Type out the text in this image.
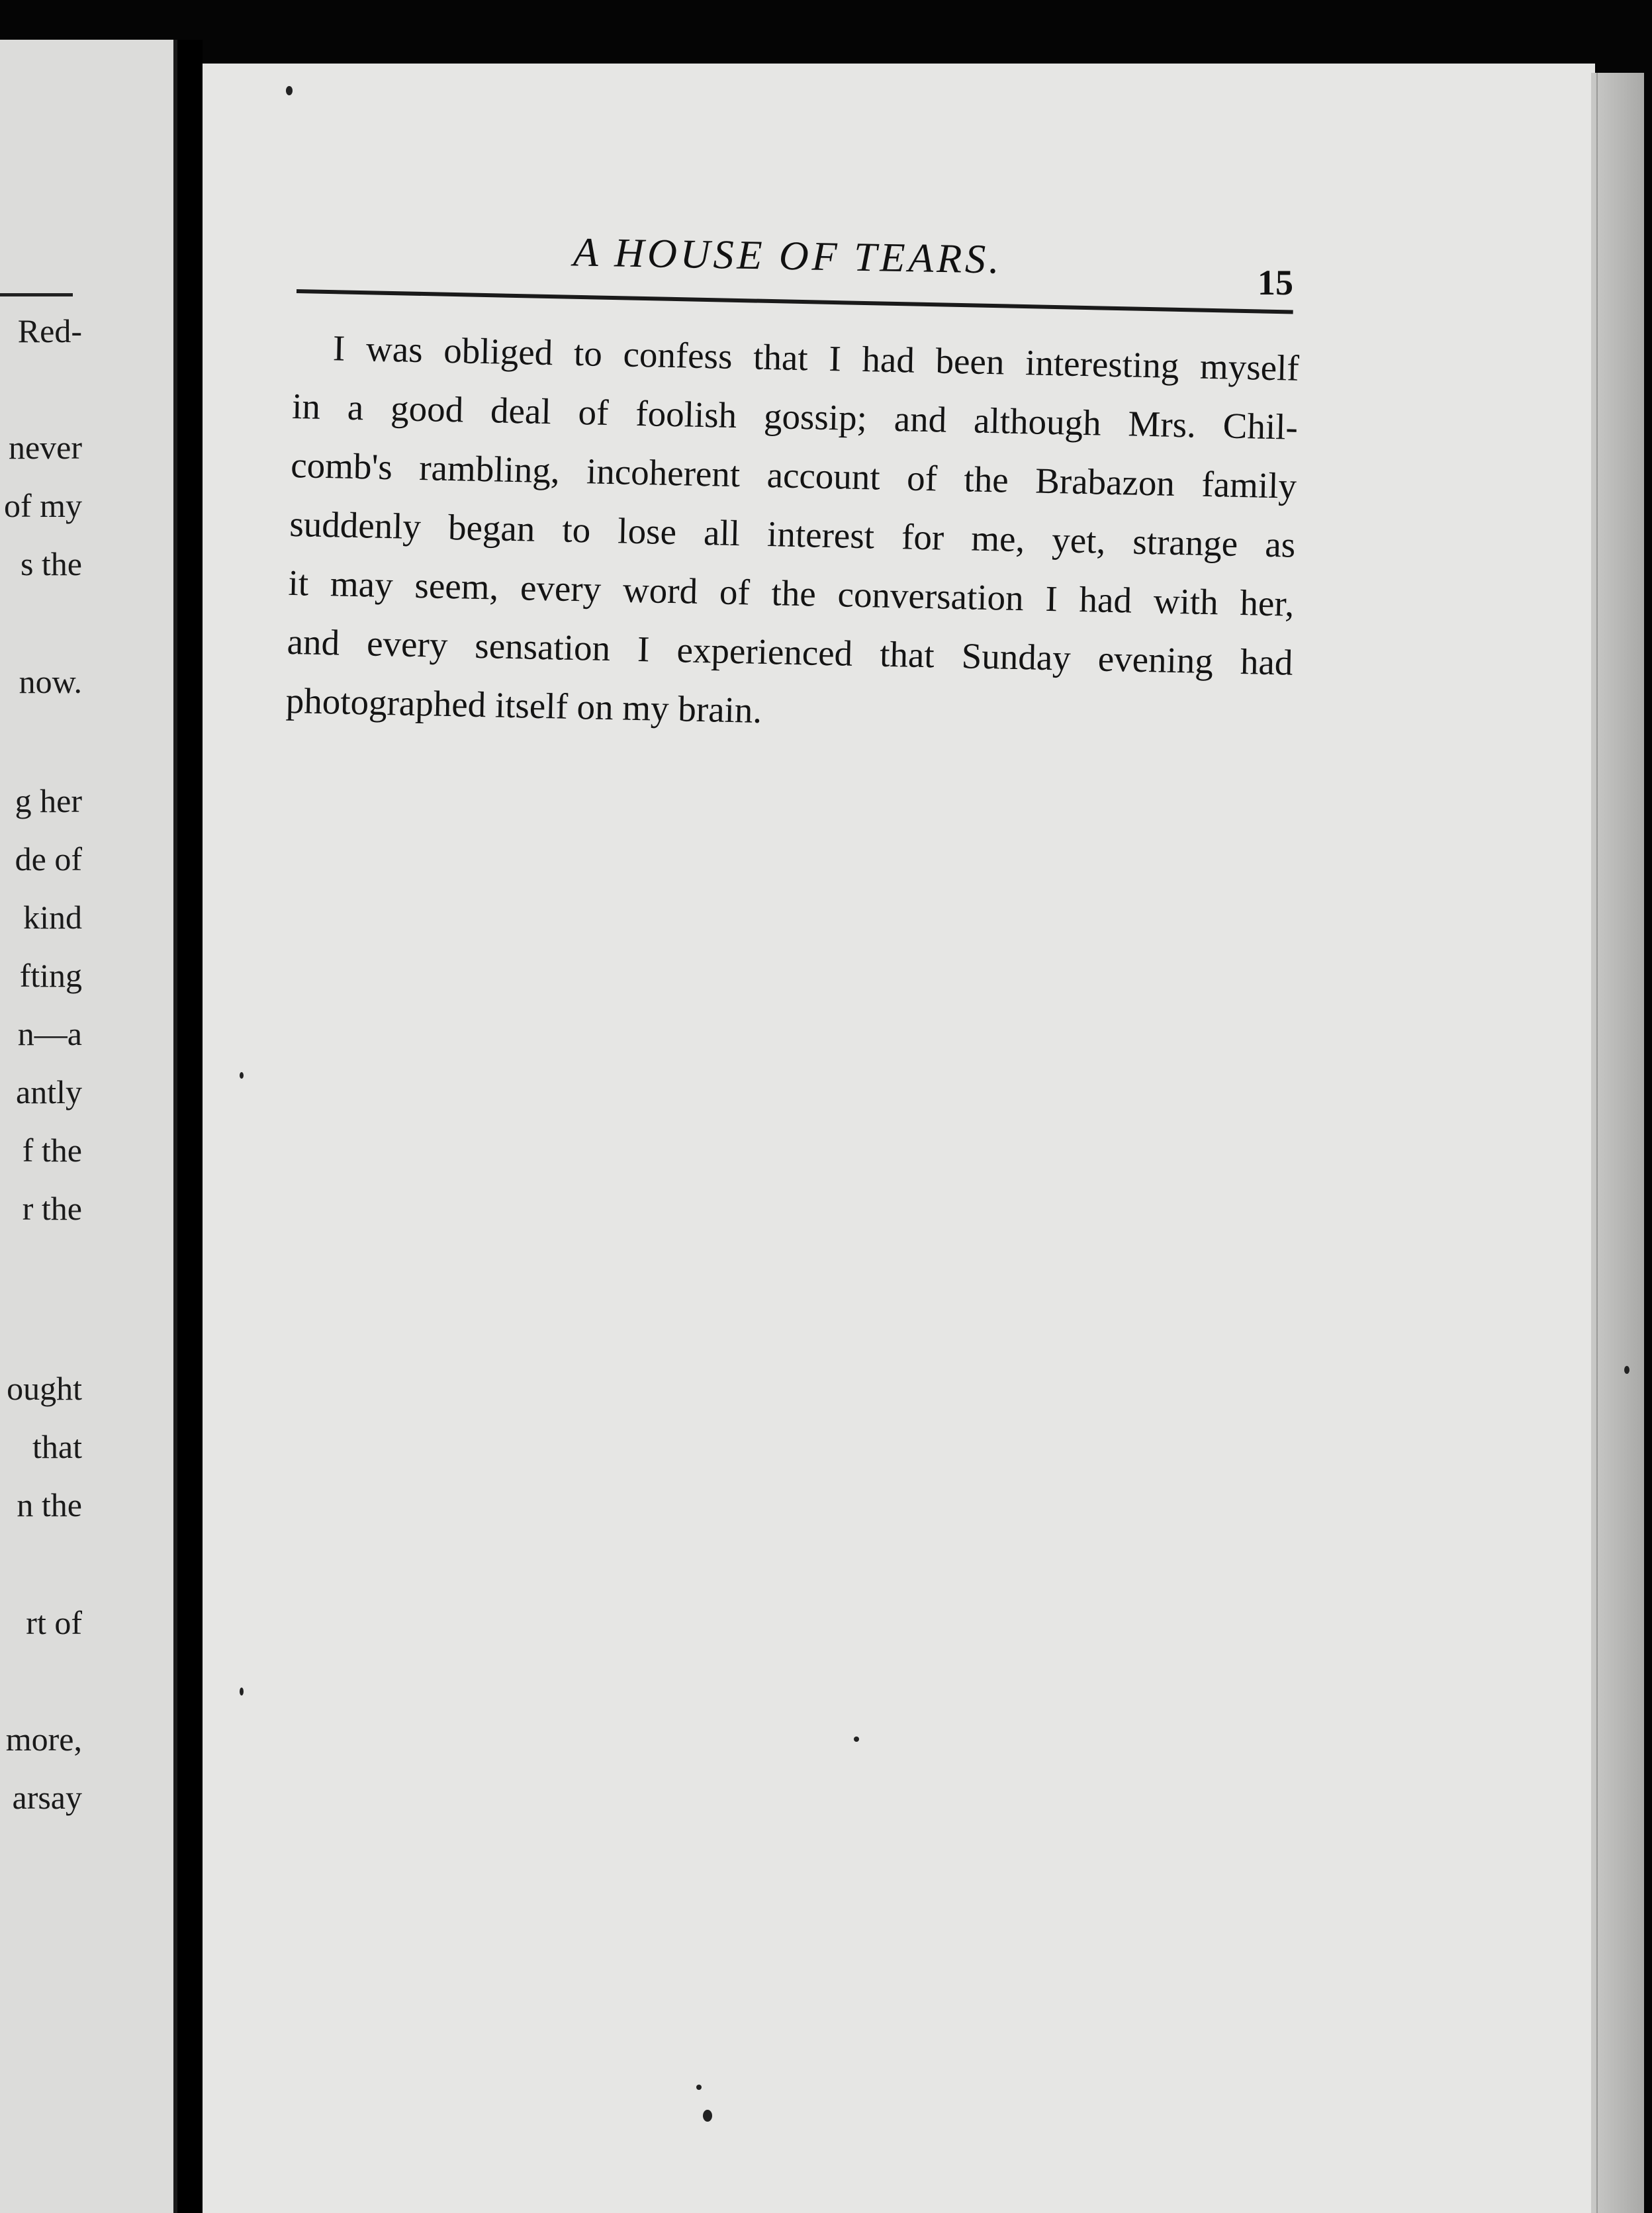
Red-
never
of my
s the
now.
g her
de of
kind
fting
n—a
antly
f the
r the
ought
that
n the
rt of
more,
arsay
A HOUSE OF TEARS.
15
I was obliged to confess that I had been interesting myself
in a good deal of foolish gossip; and although Mrs. Chil-
comb's rambling, incoherent account of the Brabazon family
suddenly began to lose all interest for me, yet, strange as
it may seem, every word of the conversation I had with her,
and every sensation I experienced that Sunday evening had
photographed itself on my brain.
